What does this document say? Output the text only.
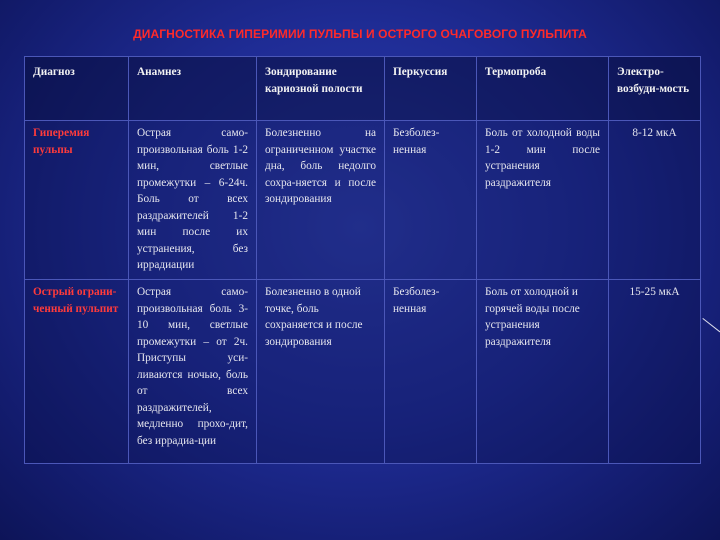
ДИАГНОСТИКА ГИПЕРИМИИ ПУЛЬПЫ И ОСТРОГО ОЧАГОВОГО ПУЛЬПИТА
Диагноз	Анамнез	Зондирование кариозной полости	Перкуссия	Термопроба	Электро-возбуди-мость
Гиперемия пульпы	Острая само-произвольная боль 1-2 мин, светлые промежутки – 6-24ч. Боль от всех раздражителей 1-2 мин после их устранения, без иррадиации	Болезненно на ограниченном участке дна, боль недолго сохра-няется и после зондирования	Безболез-ненная	Боль от холодной воды 1-2 мин после устранения раздражителя	8-12 мкА
Острый ограни-ченный пульпит	Острая само-произвольная боль 3-10 мин, светлые промежутки – от 2ч. Приступы уси-ливаются ночью, боль от всех раздражителей, медленно прохо-дит, без иррадиа-ции	Болезненно в одной точке, боль сохраняется и после зондирования	Безболез-ненная	Боль от холодной и горячей воды после устранения раздражителя	15-25 мкА
